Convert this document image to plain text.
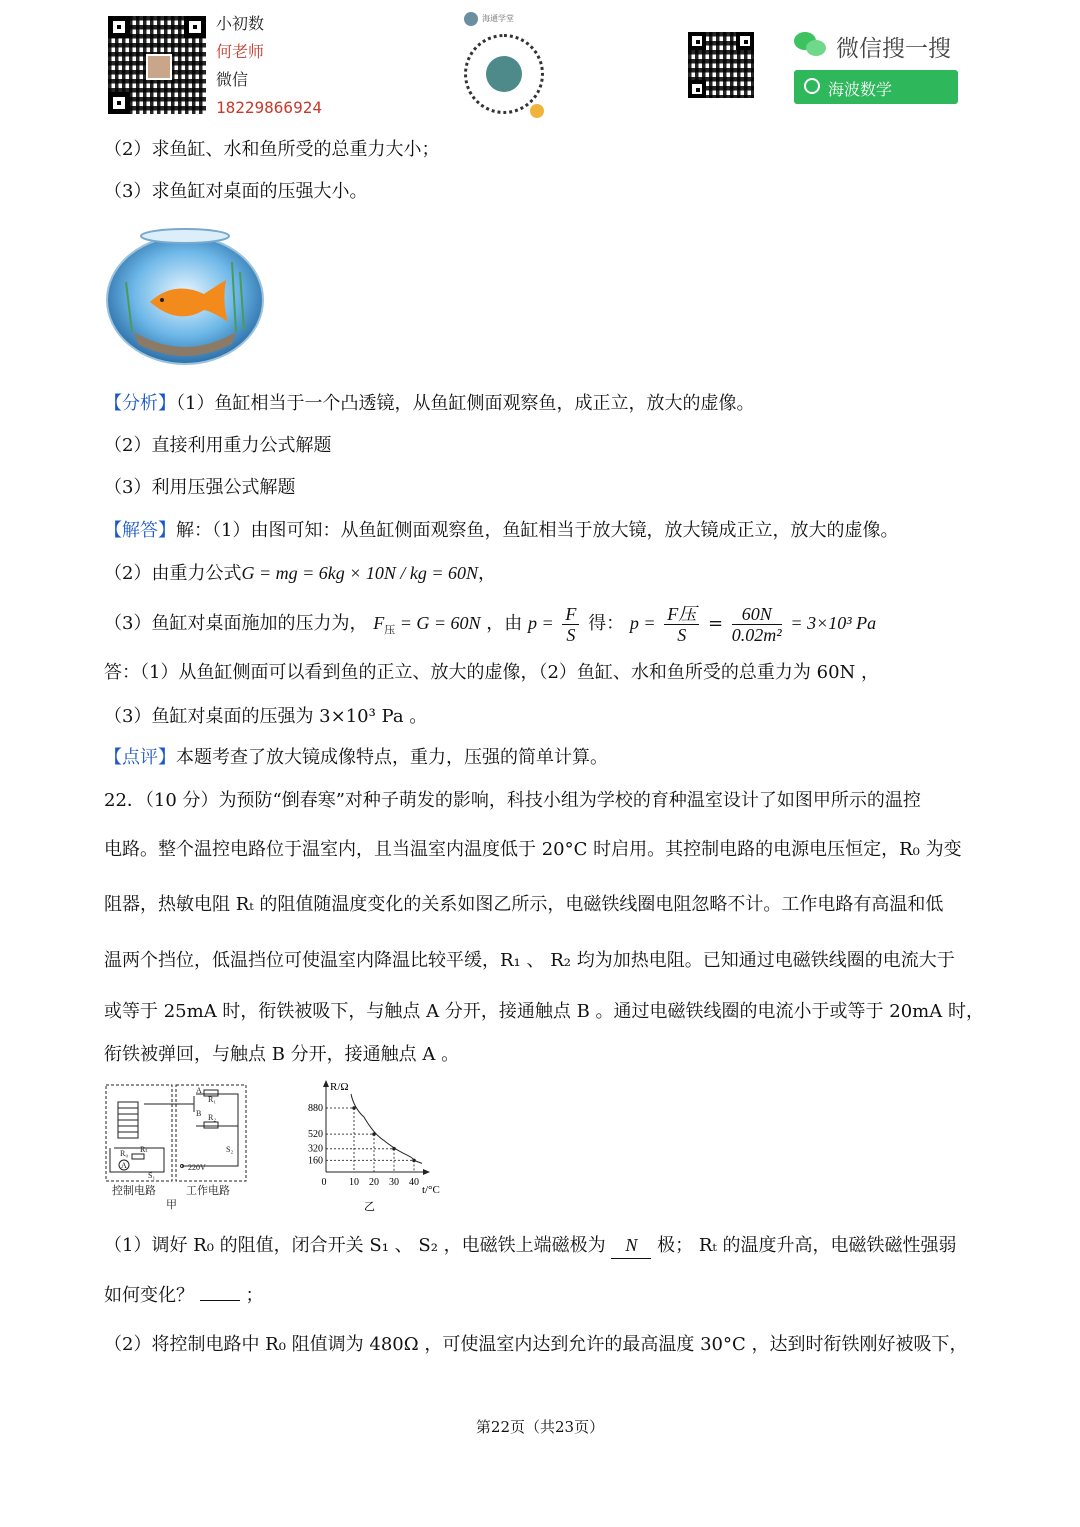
小初数
何老师
微信
18229866924
海通学堂
微信搜一搜
海波数学
（2）求鱼缸、水和鱼所受的总重力大小；
（3）求鱼缸对桌面的压强大小。
【分析】（1）鱼缸相当于一个凸透镜，从鱼缸侧面观察鱼，成正立，放大的虚像。
（2）直接利用重力公式解题
（3）利用压强公式解题
【解答】解：（1）由图可知：从鱼缸侧面观察鱼，鱼缸相当于放大镜，放大镜成正立，放大的虚像。
（2）由重力公式G = mg = 6kg × 10N / kg = 60N，
（3）鱼缸对桌面施加的压力为， $F_压 = G = 60N$ ，由 $p = \frac{F}{S}$ 得： $p = \frac{\text{F压}}{S} = \frac{60N}{\text{0.02m²}} = 3\times 10^3$ Pa
答：（1）从鱼缸侧面可以看到鱼的正立、放大的虚像，（2）鱼缸、水和鱼所受的总重力为 60N ，
（3）鱼缸对桌面的压强为 3×10³ Pa 。
【点评】本题考查了放大镜成像特点，重力，压强的简单计算。
22．（10 分）为预防“倒春寒”对种子萌发的影响，科技小组为学校的育种温室设计了如图甲所示的温控
电路。整个温控电路位于温室内，且当温室内温度低于 20°C 时启用。其控制电路的电源电压恒定，R₀ 为变
阻器，热敏电阻 Rₜ 的阻值随温度变化的关系如图乙所示，电磁铁线圈电阻忽略不计。工作电路有高温和低
温两个挡位，低温挡位可使温室内降温比较平缓，R₁ 、 R₂ 均为加热电阻。已知通过电磁铁线圈的电流大于
或等于 25mA 时，衔铁被吸下，与触点 A 分开，接通触点 B 。通过电磁铁线圈的电流小于或等于 20mA 时，
衔铁被弹回，与触点 B 分开，接通触点 A 。
A
A
B
R₁
R₂
S₂
R₀ Rₜ
S₁
220V
控制电路	工作电路
甲
R/Ω
t/°C
乙
880
520
320
160
0 10 20 30 40
（1）调好 R₀ 的阻值，闭合开关 S₁ 、 S₂ ，电磁铁上端磁极为 N 极； Rₜ 的温度升高，电磁铁磁性强弱
如何变化？	；
（2）将控制电路中 R₀ 阻值调为 480Ω ，可使温室内达到允许的最高温度 30°C ，达到时衔铁刚好被吸下，
第22页（共23页）
